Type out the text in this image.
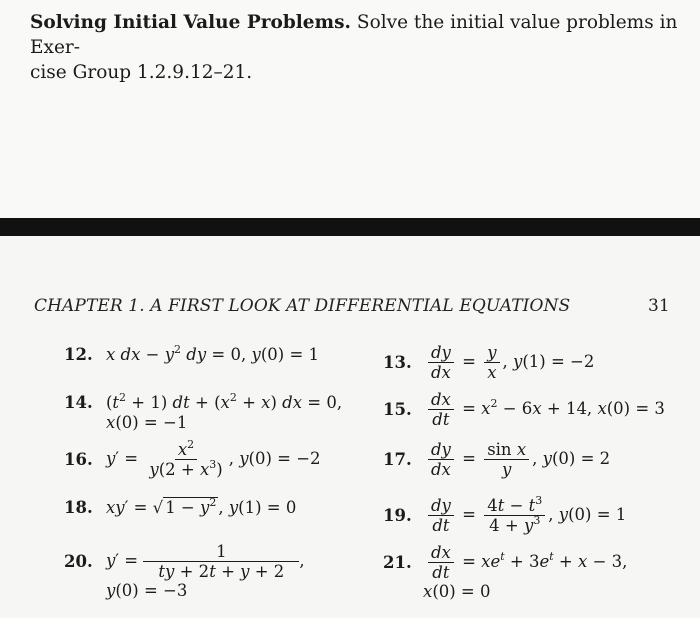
Solving Initial Value Problems. Solve the initial value problems in Exer-
cise Group 1.2.9.12–21.
CHAPTER 1. A FIRST LOOK AT DIFFERENTIAL EQUATIONS	31
12. x dx − $y^2$ dy = 0, y(0) = 1	13. $\frac{dy}{dx} = \frac{y}{x}$ , y(1) = −2
14. $(t^2 + 1)$ dt + $(x^2 + x)$ dx = 0,
x(0) = −1
15. $\frac{dx}{dt} = x^2 - 6x + 14$, x(0) = 3
16. $y' = \frac{x^2}{y(2 + x^3)}$ , y(0) = −2	17. $\frac{dy}{dx} = \frac{\text{sin x}}{y}$ , y(0) = 2
18. xy′ = √ $1 - y^2$ , y(1) = 0	19. $\frac{dy}{dt} = \frac{4t - t^3}{4 + y^3}$ , y(0) = 1
20. $y' = \frac{1}{ty + 2t + y + 2}$ ,
y(0) = −3
21. $\frac{dx}{dt} = xe^t + 3e^t + x - 3$,
x(0) = 0
